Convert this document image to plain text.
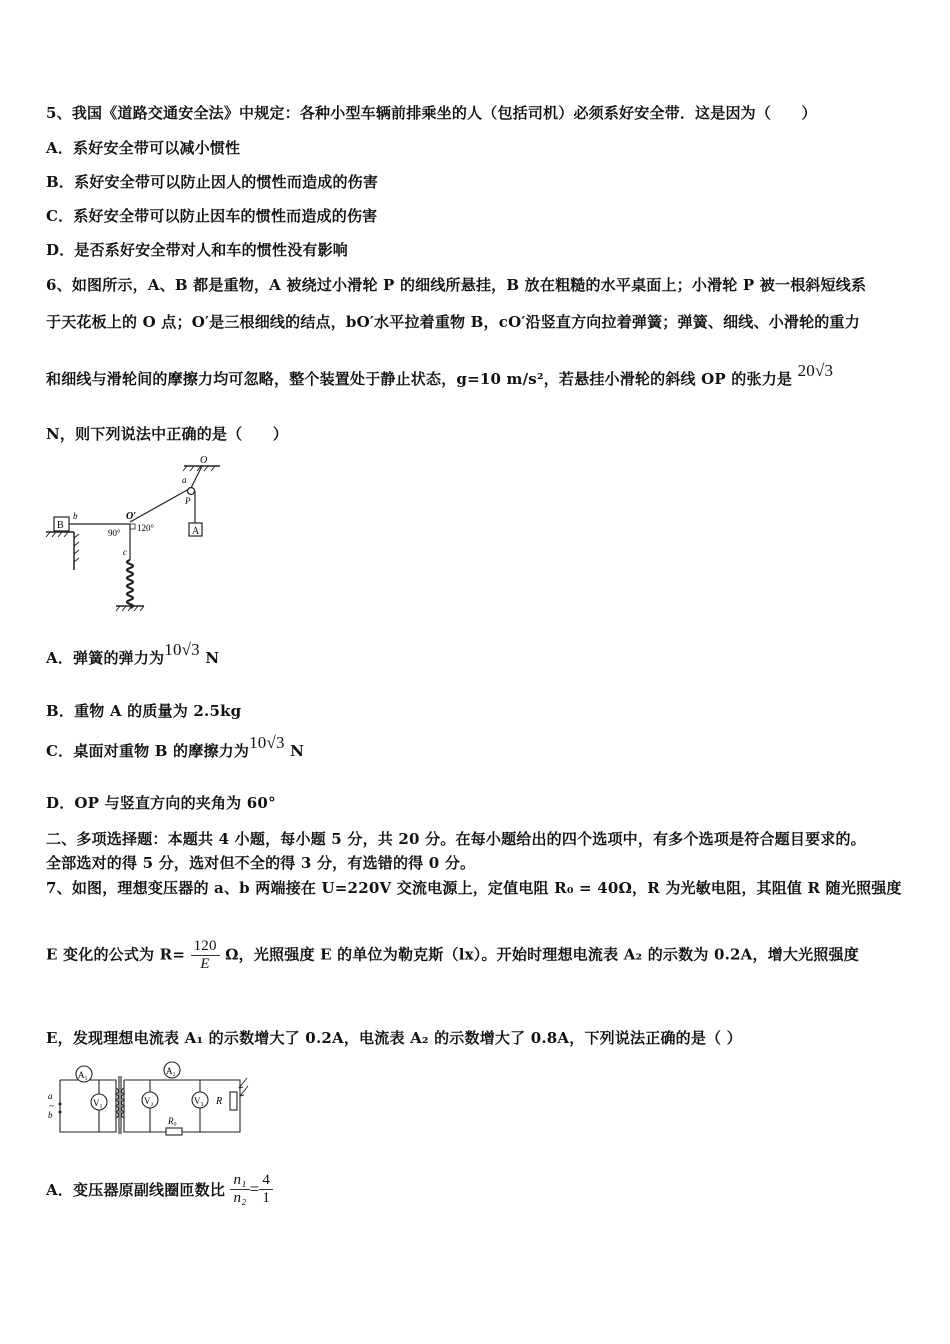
5、我国《道路交通安全法》中规定：各种小型车辆前排乘坐的人（包括司机）必须系好安全带．这是因为（　　）
A．系好安全带可以减小惯性
B．系好安全带可以防止因人的惯性而造成的伤害
C．系好安全带可以防止因车的惯性而造成的伤害
D．是否系好安全带对人和车的惯性没有影响
6、如图所示，A、B 都是重物，A 被绕过小滑轮 P 的细线所悬挂，B 放在粗糙的水平桌面上；小滑轮 P 被一根斜短线系
于天花板上的 O 点；O′是三根细线的结点，bO′水平拉着重物 B，cO′沿竖直方向拉着弹簧；弹簧、细线、小滑轮的重力
和细线与滑轮间的摩擦力均可忽略，整个装置处于静止状态，g=10 m/s²，若悬挂小滑轮的斜线 OP 的张力是 20√3
N，则下列说法中正确的是（　　）
O
a
P
A
B
b	O′
90° 120°
c
A．弹簧的弹力为10√3 N
B．重物 A 的质量为 2.5kg
C．桌面对重物 B 的摩擦力为10√3 N
D．OP 与竖直方向的夹角为 60°
二、多项选择题：本题共 4 小题，每小题 5 分，共 20 分。在每小题给出的四个选项中，有多个选项是符合题目要求的。
全部选对的得 5 分，选对但不全的得 3 分，有选错的得 0 分。
7、如图，理想变压器的 a、b 两端接在 U=220V 交流电源上，定值电阻 R₀ = 40Ω，R 为光敏电阻，其阻值 R 随光照强度
E 变化的公式为 $R= \frac{120}{E}$ Ω，光照强度 E 的单位为勒克斯（lx）。开始时理想电流表 A₂ 的示数为 0.2A，增大光照强度
E，发现理想电流表 A₁ 的示数增大了 0.2A，电流表 A₂ 的示数增大了 0.8A，下列说法正确的是（ ）
A₁
V₁
A₂
V₂	V₃
R₀
R
a
~
b
A．变压器原副线圈匝数比 $\frac{\text{n₁}}{\text{n₂}} = \frac{4}{1}$
